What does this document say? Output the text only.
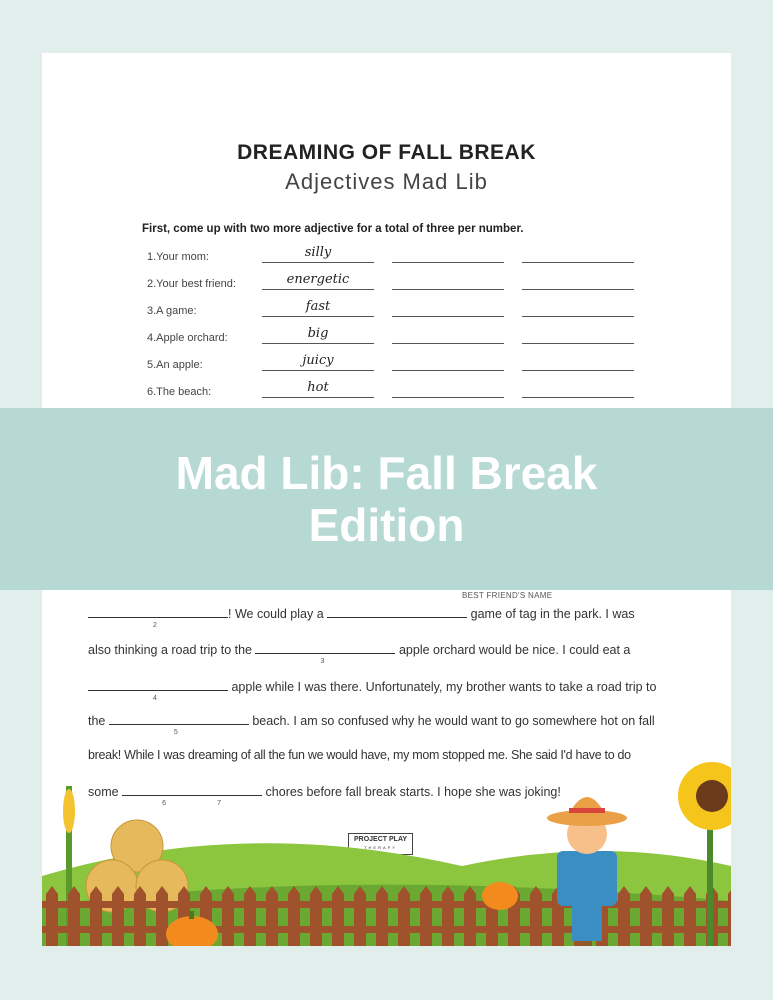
DREAMING OF FALL BREAK
Adjectives Mad Lib
First, come up with two more adjective for a total of three per number.
1.Your mom:	silly
2.Your best friend:	energetic
3.A game:	fast
4.Apple orchard:	big
5.An apple:	juicy
6.The beach:	hot
BEST FRIEND'S NAME
2
! We could play a	game of tag in the park. I was
also thinking a road trip to the
3
apple orchard would be nice. I could eat a
4
apple while I was there. Unfortunately, my brother wants to take a road trip to
the
5
beach. I am so confused why he would want to go somewhere hot on fall
break! While I was dreaming of all the fun we would have, my mom stopped me. She said I'd have to do
some
6	7
chores before fall break starts. I hope she was joking!
PROJECT PLAY
THERAPY
Mad Lib: Fall Break Edition
